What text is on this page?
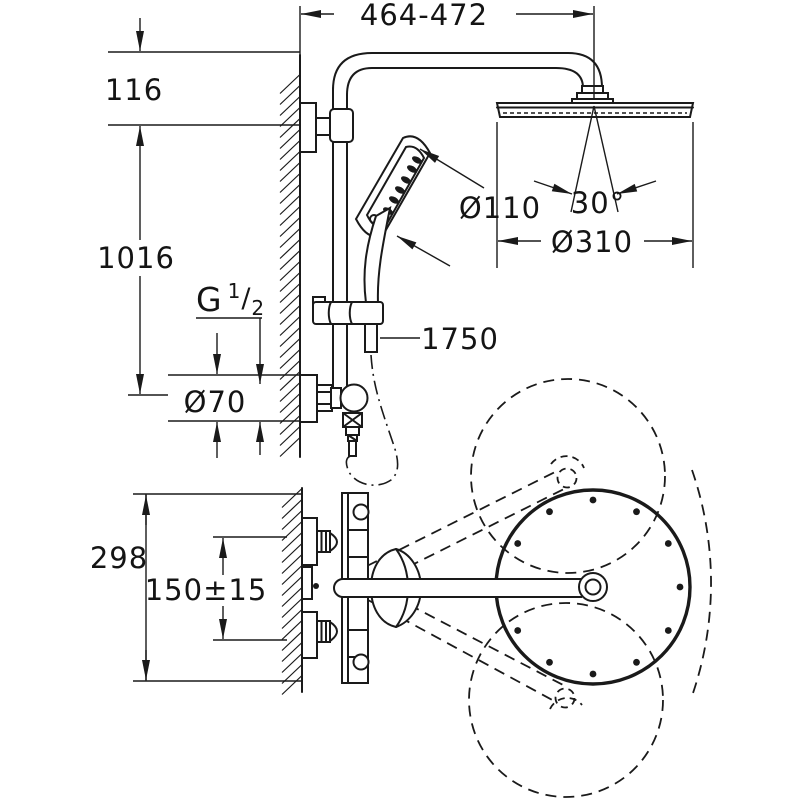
464-472
116
1016
G $^1/_2$
Ø70
Ø110
1750
30°
Ø310
298
150±15
